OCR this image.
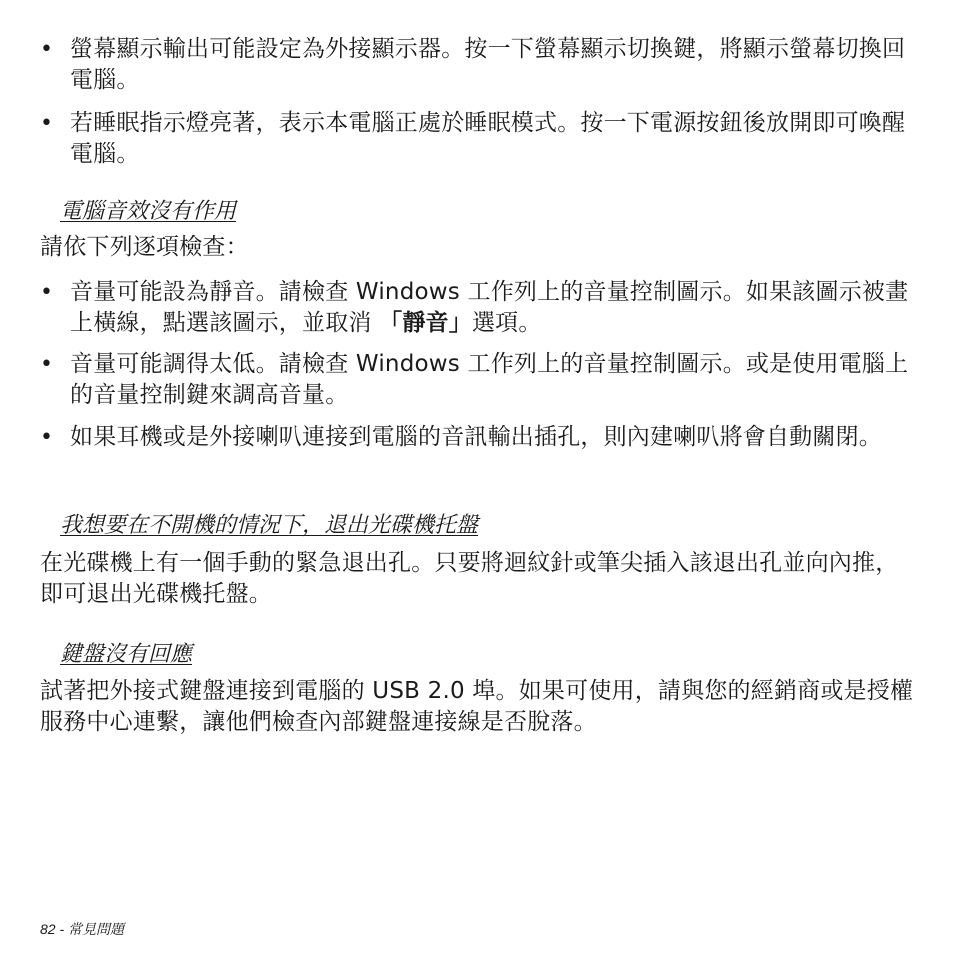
• 螢幕顯示輸出可能設定為外接顯示器。按一下螢幕顯示切換鍵，將顯示螢幕切換回電腦。
• 若睡眠指示燈亮著，表示本電腦正處於睡眠模式。按一下電源按鈕後放開即可喚醒電腦。
電腦音效沒有作用
請依下列逐項檢查：
• 音量可能設為靜音。請檢查 Windows 工作列上的音量控制圖示。如果該圖示被畫上橫線，點選該圖示，並取消 「靜音」選項。
• 音量可能調得太低。請檢查 Windows 工作列上的音量控制圖示。或是使用電腦上的音量控制鍵來調高音量。
• 如果耳機或是外接喇叭連接到電腦的音訊輸出插孔，則內建喇叭將會自動關閉。
我想要在不開機的情況下，退出光碟機托盤
在光碟機上有一個手動的緊急退出孔。只要將迴紋針或筆尖插入該退出孔並向內推，即可退出光碟機托盤。
鍵盤沒有回應
試著把外接式鍵盤連接到電腦的 USB 2.0 埠。如果可使用，請與您的經銷商或是授權服務中心連繫，讓他們檢查內部鍵盤連接線是否脫落。
82 - 常見問題
